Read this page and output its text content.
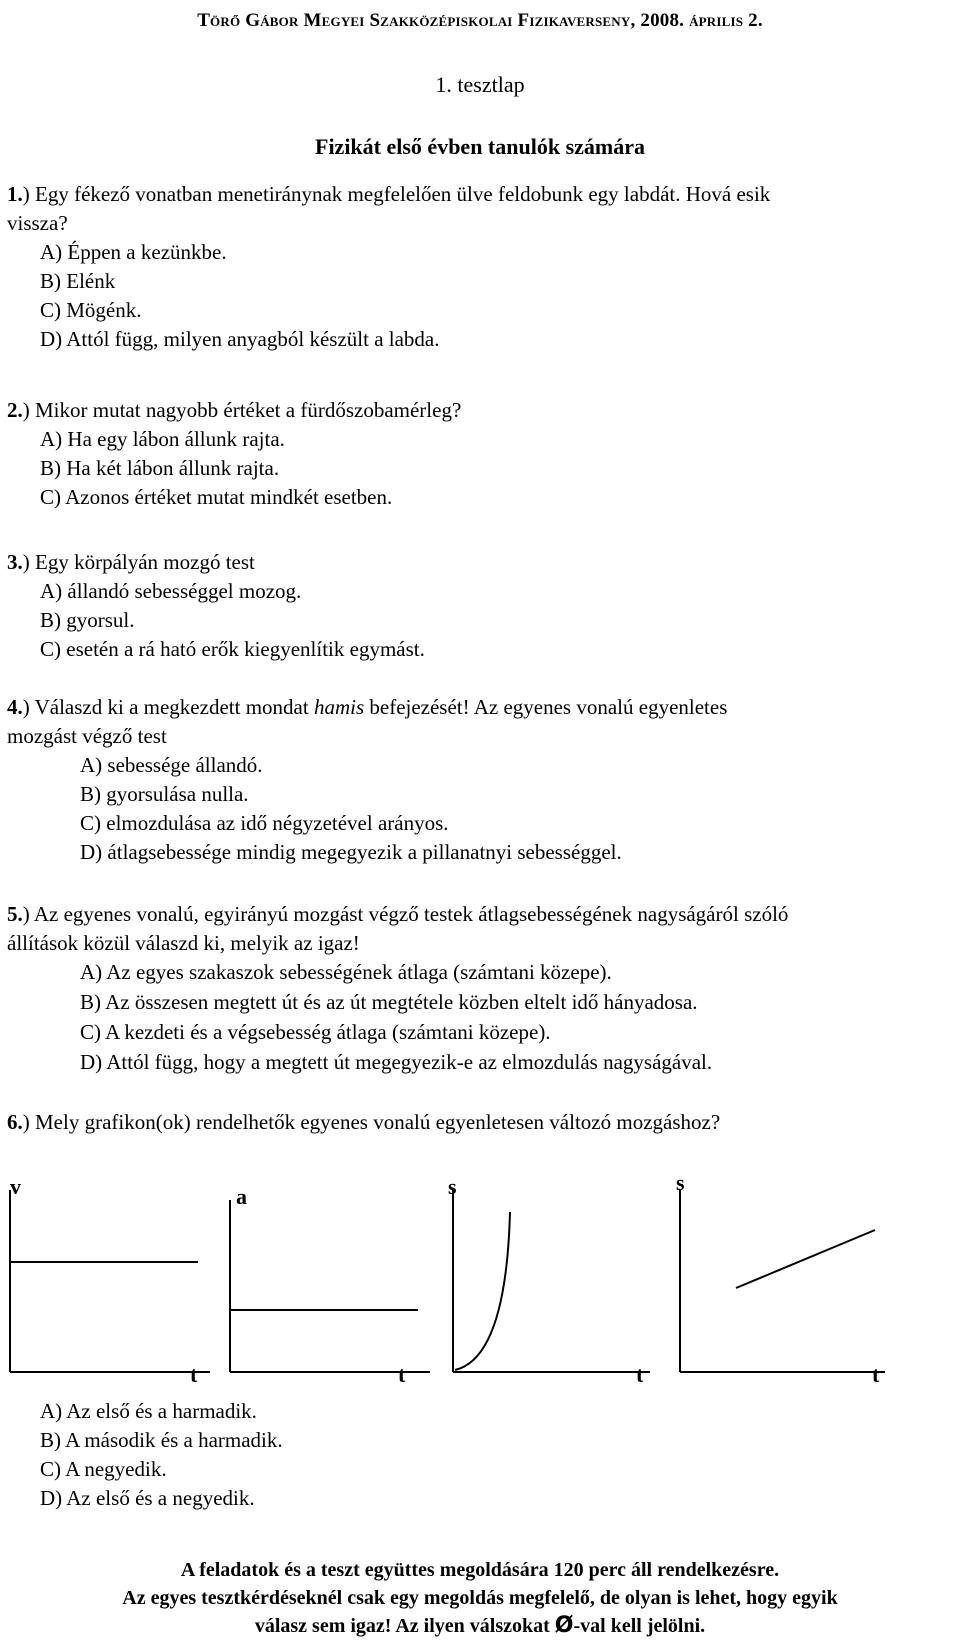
Törő Gábor Megyei Szakközépiskolai Fizikaverseny, 2008. április 2.
1. tesztlap
Fizikát első évben tanulók számára
1.) Egy fékező vonatban menetiránynak megfelelően ülve feldobunk egy labdát. Hová esik
vissza?
A) Éppen a kezünkbe.
B) Elénk
C) Mögénk.
D) Attól függ, milyen anyagból készült a labda.
2.) Mikor mutat nagyobb értéket a fürdőszobamérleg?
A) Ha egy lábon állunk rajta.
B) Ha két lábon állunk rajta.
C) Azonos értéket mutat mindkét esetben.
3.) Egy körpályán mozgó test
A) állandó sebességgel mozog.
B) gyorsul.
C) esetén a rá ható erők kiegyenlítik egymást.
4.) Válaszd ki a megkezdett mondat hamis befejezését! Az egyenes vonalú egyenletes
mozgást végző test
A) sebessége állandó.
B) gyorsulása nulla.
C) elmozdulása az idő négyzetével arányos.
D) átlagsebessége mindig megegyezik a pillanatnyi sebességgel.
5.) Az egyenes vonalú, egyirányú mozgást végző testek átlagsebességének nagyságáról szóló
állítások közül válaszd ki, melyik az igaz!
A) Az egyes szakaszok sebességének átlaga (számtani közepe).
B) Az összesen megtett út és az út megtétele közben eltelt idő hányadosa.
C) A kezdeti és a végsebesség átlaga (számtani közepe).
D) Attól függ, hogy a megtett út megegyezik-e az elmozdulás nagyságával.
6.) Mely grafikon(ok) rendelhetők egyenes vonalú egyenletesen változó mozgáshoz?
v
t
a
t
s
t
s
t
A) Az első és a harmadik.
B) A második és a harmadik.
C) A negyedik.
D) Az első és a negyedik.
A feladatok és a teszt együttes megoldására 120 perc áll rendelkezésre.
Az egyes tesztkérdéseknél csak egy megoldás megfelelő, de olyan is lehet, hogy egyik
válasz sem igaz! Az ilyen válszokat Ø-val kell jelölni.
